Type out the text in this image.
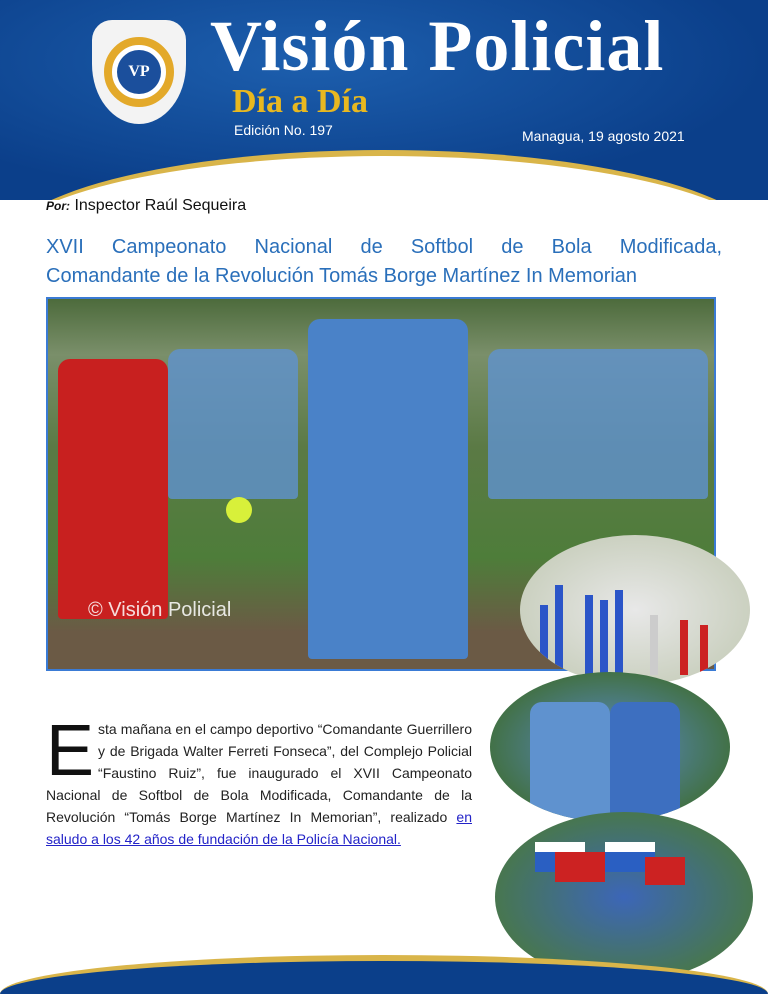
VP Visión Policial
Día a Día
Edición No. 197	Managua, 19 agosto 2021
Por: Inspector Raúl Sequeira
XVII Campeonato Nacional de Softbol de Bola Modificada,
Comandante de la Revolución Tomás Borge Martínez In Memorian
© Visión Policial
Esta mañana en el campo deportivo “Comandante Guerrillero y de Brigada Walter Ferreti Fonseca”, del Complejo Policial “Faustino Ruiz”, fue inaugurado el XVII Campeonato Nacional de Softbol de Bola Modificada, Comandante de la Revolución “Tomás Borge Martínez In Memorian”, realizado en saludo a los 42 años de fundación de la Policía Nacional.
